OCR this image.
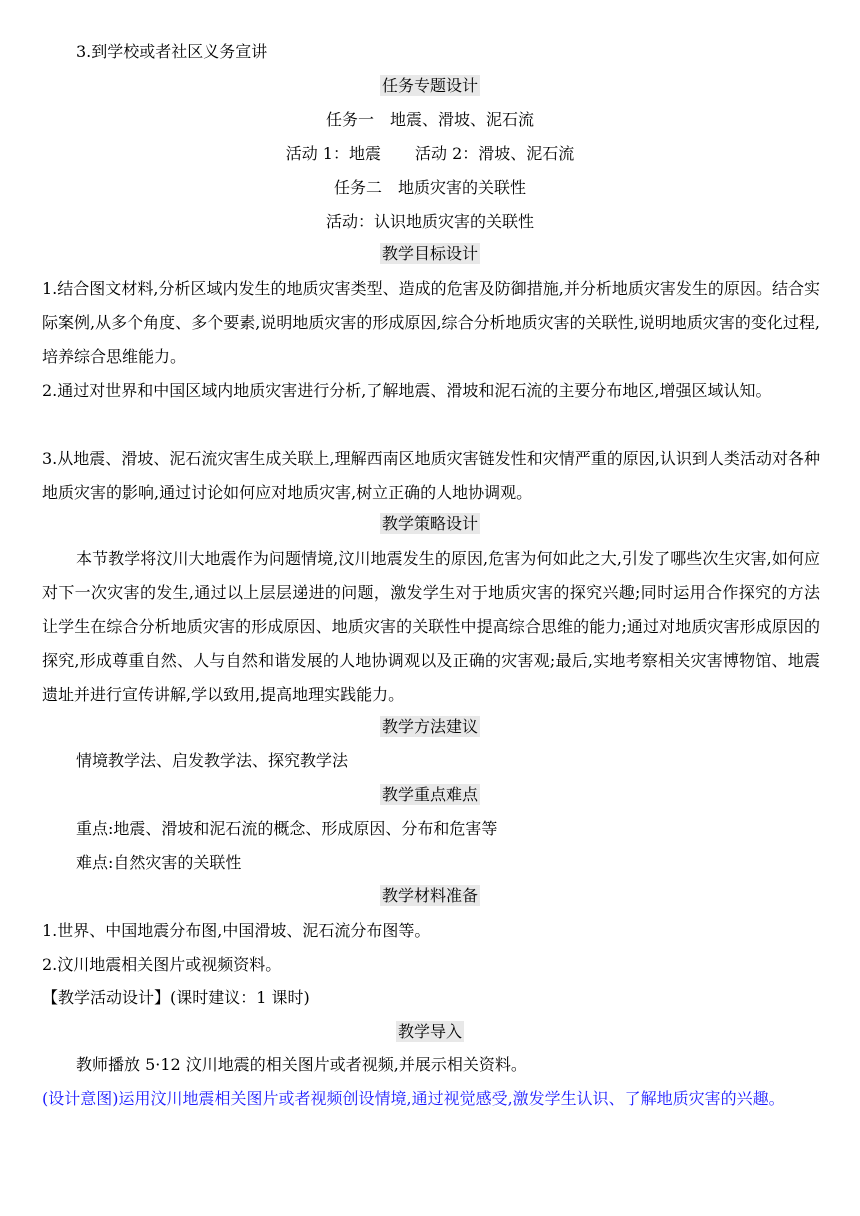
3.到学校或者社区义务宣讲
任务专题设计
任务一　地震、滑坡、泥石流
活动 1：地震 活动 2：滑坡、泥石流
任务二　地质灾害的关联性
活动：认识地质灾害的关联性
教学目标设计
1.结合图文材料,分析区域内发生的地质灾害类型、造成的危害及防御措施,并分析地质灾害发生的原因。结合实际案例,从多个角度、多个要素,说明地质灾害的形成原因,综合分析地质灾害的关联性,说明地质灾害的变化过程,培养综合思维能力。
2.通过对世界和中国区域内地质灾害进行分析,了解地震、滑坡和泥石流的主要分布地区,增强区域认知。
3.从地震、滑坡、泥石流灾害生成关联上,理解西南区地质灾害链发性和灾情严重的原因,认识到人类活动对各种地质灾害的影响,通过讨论如何应对地质灾害,树立正确的人地协调观。
教学策略设计
本节教学将汶川大地震作为问题情境,汶川地震发生的原因,危害为何如此之大,引发了哪些次生灾害,如何应对下一次灾害的发生,通过以上层层递进的问题，激发学生对于地质灾害的探究兴趣;同时运用合作探究的方法让学生在综合分析地质灾害的形成原因、地质灾害的关联性中提高综合思维的能力;通过对地质灾害形成原因的探究,形成尊重自然、人与自然和谐发展的人地协调观以及正确的灾害观;最后,实地考察相关灾害博物馆、地震遗址并进行宣传讲解,学以致用,提高地理实践能力。
教学方法建议
情境教学法、启发教学法、探究教学法
教学重点难点
重点:地震、滑坡和泥石流的概念、形成原因、分布和危害等
难点:自然灾害的关联性
教学材料准备
1.世界、中国地震分布图,中国滑坡、泥石流分布图等。
2.汶川地震相关图片或视频资料。
【教学活动设计】(课时建议：1 课时)
教学导入
教师播放 5·12 汶川地震的相关图片或者视频,并展示相关资料。
(设计意图)运用汶川地震相关图片或者视频创设情境,通过视觉感受,激发学生认识、了解地质灾害的兴趣。
